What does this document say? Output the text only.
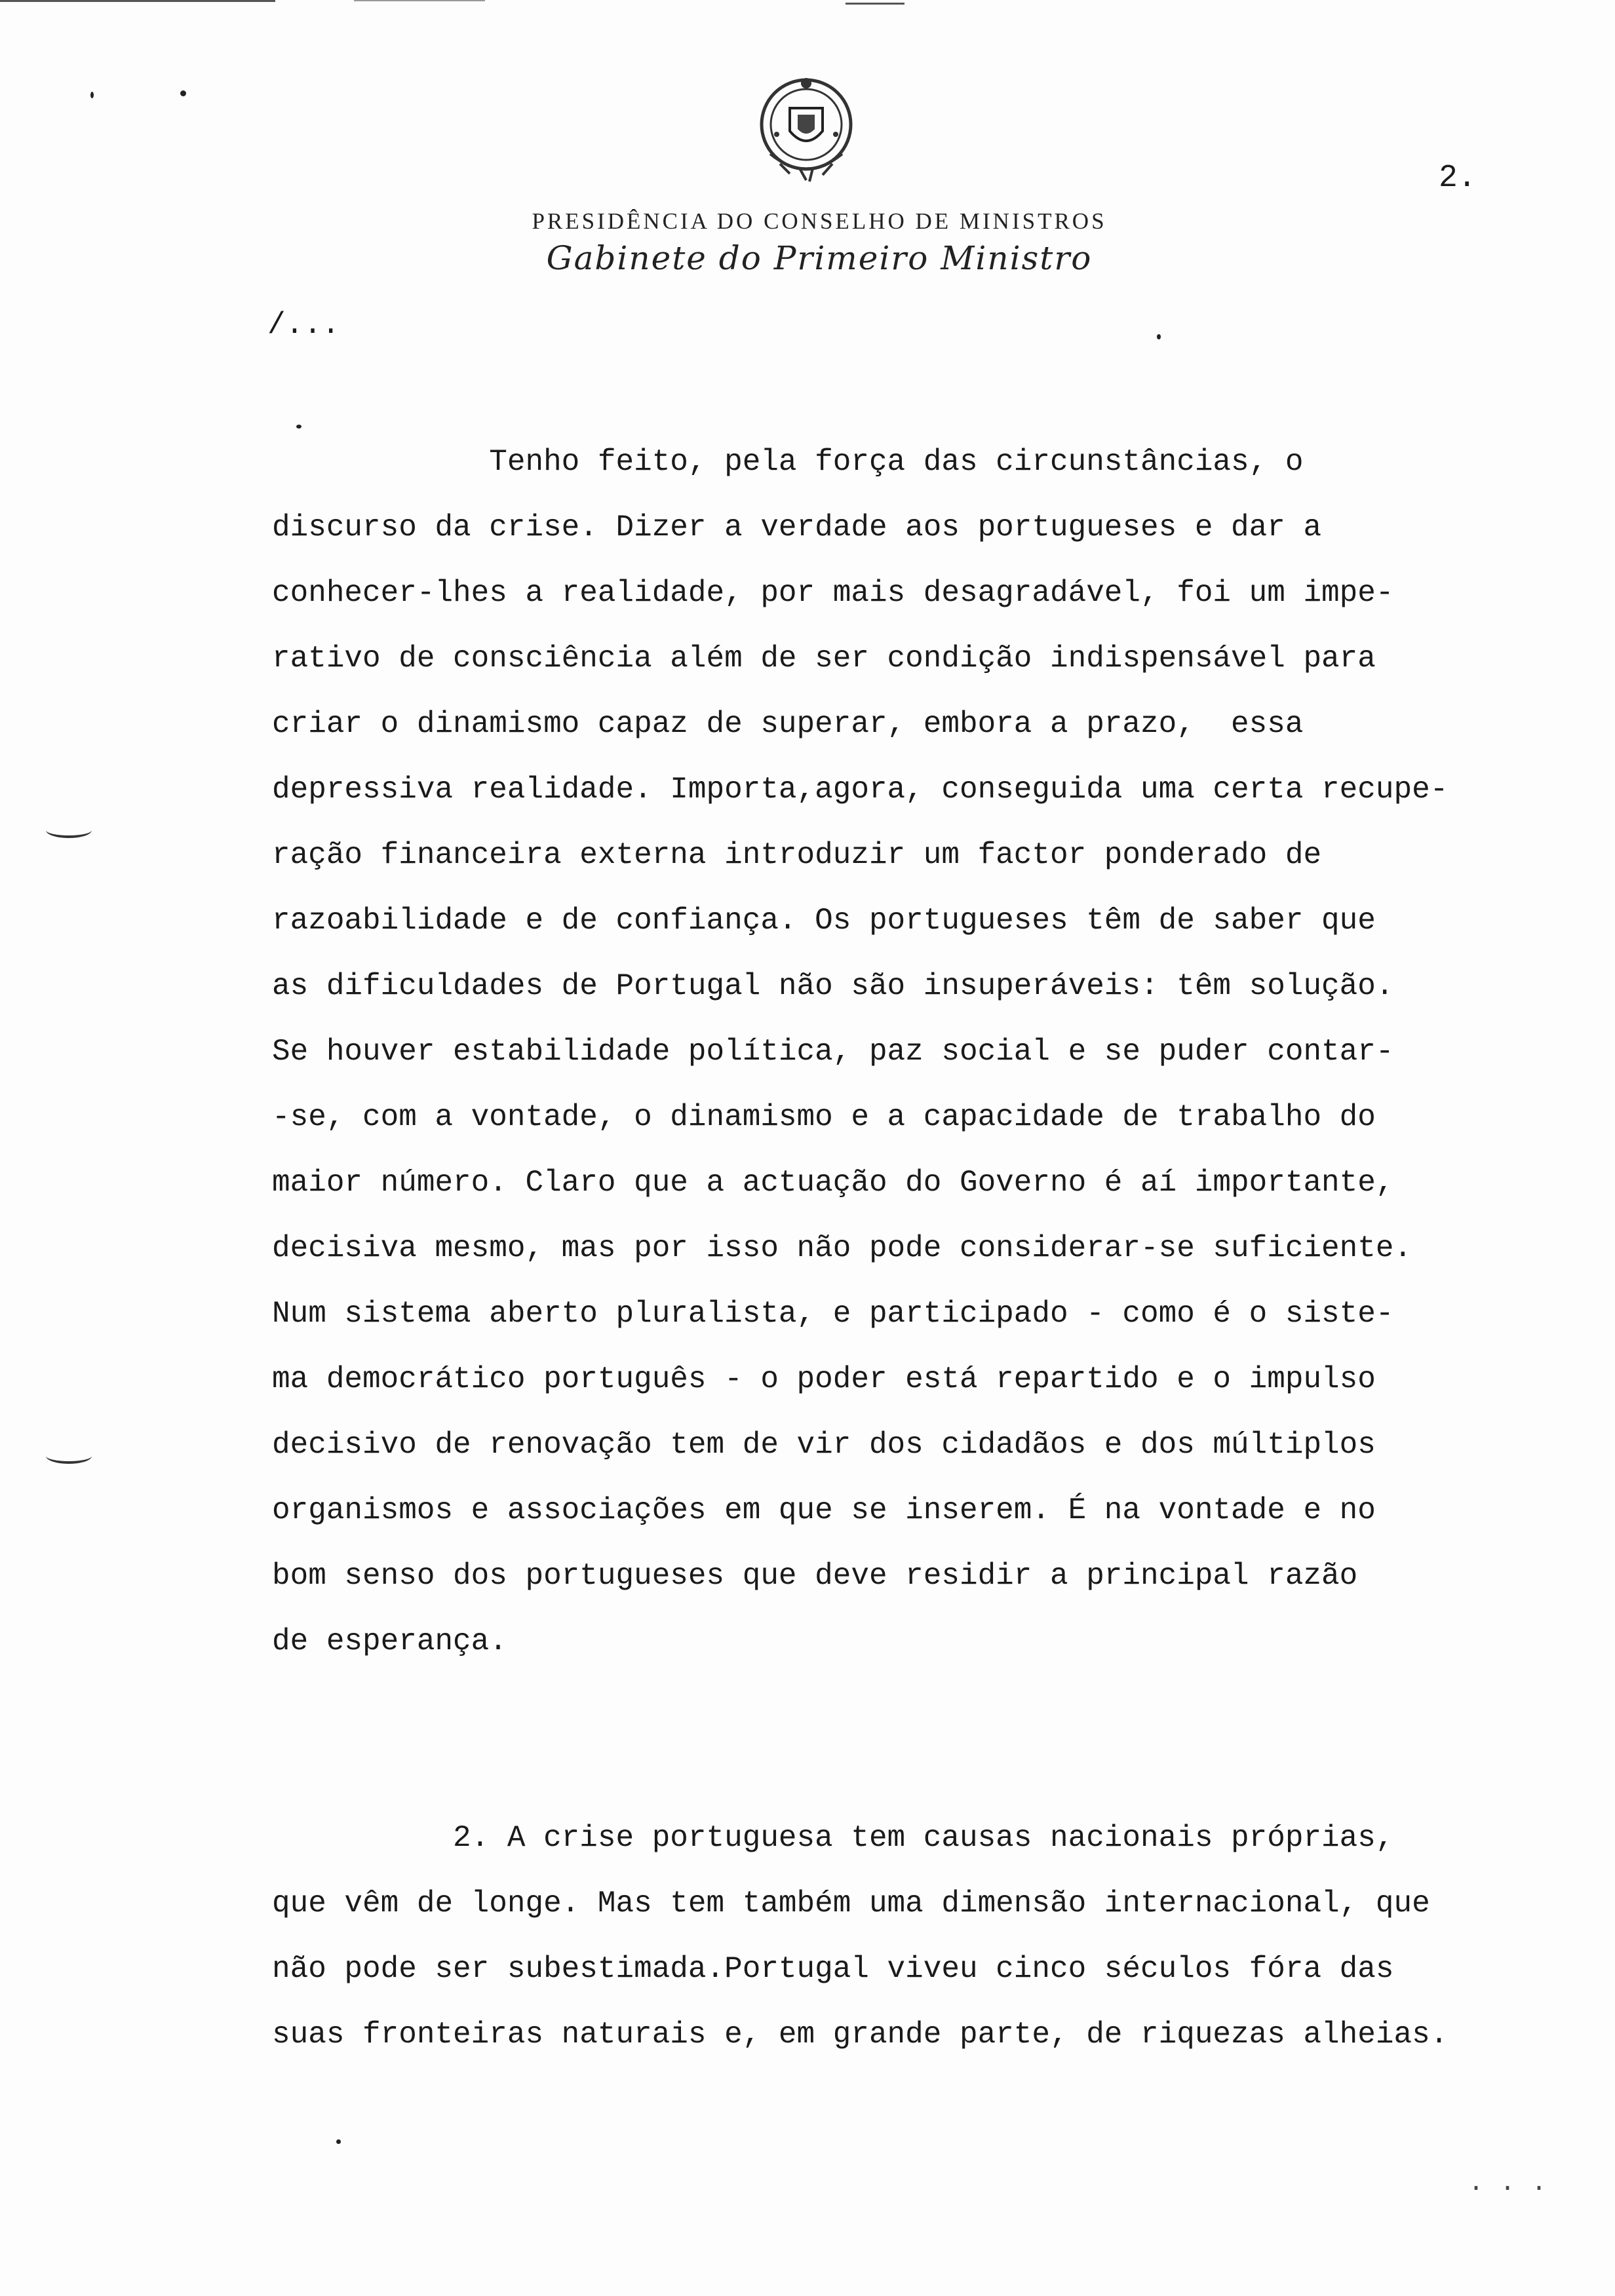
PRESIDÊNCIA DO CONSELHO DE MINISTROS
Gabinete do Primeiro Ministro
2.
/...
Tenho feito, pela força das circunstâncias, o
discurso da crise. Dizer a verdade aos portugueses e dar a
conhecer-lhes a realidade, por mais desagradável, foi um impe-
rativo de consciência além de ser condição indispensável para
criar o dinamismo capaz de superar, embora a prazo,  essa
depressiva realidade. Importa,agora, conseguida uma certa recupe-
ração financeira externa introduzir um factor ponderado de
razoabilidade e de confiança. Os portugueses têm de saber que
as dificuldades de Portugal não são insuperáveis: têm solução.
Se houver estabilidade política, paz social e se puder contar-
-se, com a vontade, o dinamismo e a capacidade de trabalho do
maior número. Claro que a actuação do Governo é aí importante,
decisiva mesmo, mas por isso não pode considerar-se suficiente.
Num sistema aberto pluralista, e participado - como é o siste-
ma democrático português - o poder está repartido e o impulso
decisivo de renovação tem de vir dos cidadãos e dos múltiplos
organismos e associações em que se inserem. É na vontade e no
bom senso dos portugueses que deve residir a principal razão
de esperança.
2. A crise portuguesa tem causas nacionais próprias,
que vêm de longe. Mas tem também uma dimensão internacional, que
não pode ser subestimada.Portugal viveu cinco séculos fóra das
suas fronteiras naturais e, em grande parte, de riquezas alheias.
. . .
